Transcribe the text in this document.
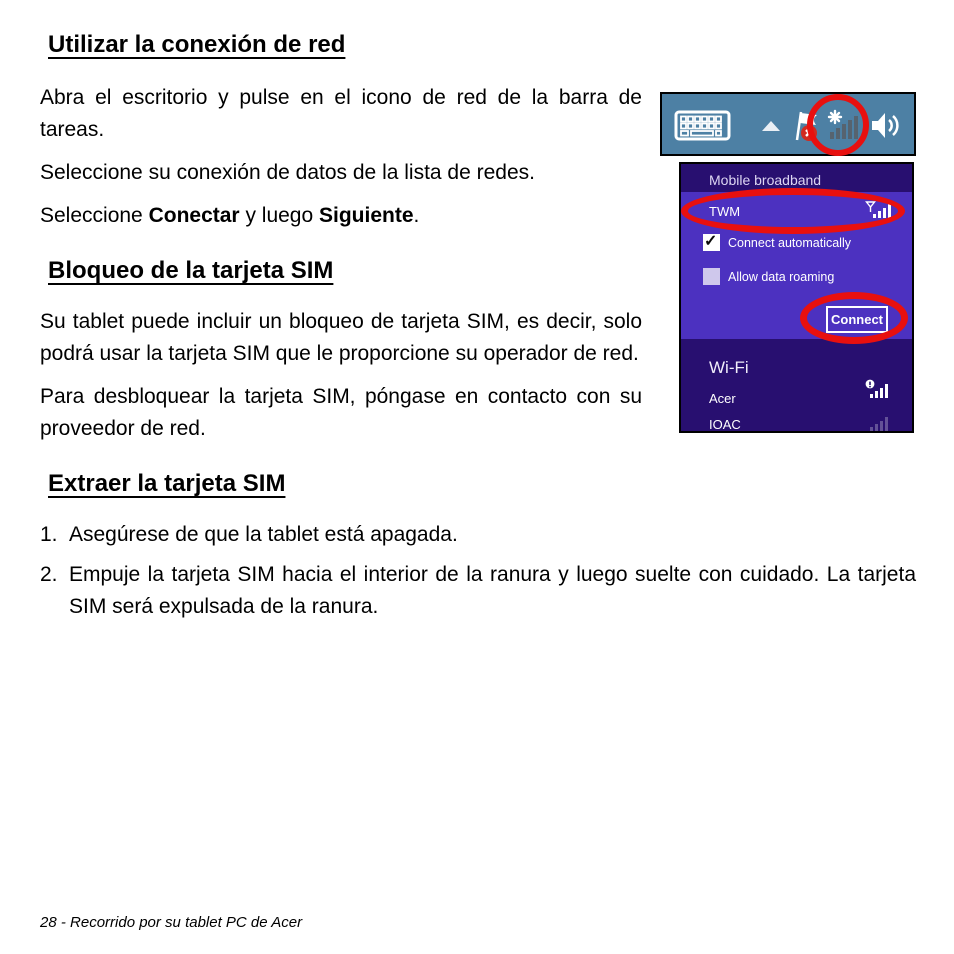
Utilizar la conexión de red
Mobile broadband
TWM
✓ Connect automatically
Allow data roaming
Connect
Wi-Fi
Acer
IOAC

Abra el escritorio y pulse en el icono de red de la barra de tareas.

Seleccione su conexión de datos de la lista de redes.

Seleccione Conectar y luego Siguiente.

Bloqueo de la tarjeta SIM

Su tablet puede incluir un bloqueo de tarjeta SIM, es decir, solo podrá usar la tarjeta SIM que le proporcione su operador de red.

Para desbloquear la tarjeta SIM, póngase en contacto con su proveedor de red.

Extraer la tarjeta SIM
1. Asegúrese de que la tablet está apagada.
2. Empuje la tarjeta SIM hacia el interior de la ranura y luego suelte con cuidado. La tarjeta SIM será expulsada de la ranura.
28 - Recorrido por su tablet PC de Acer
